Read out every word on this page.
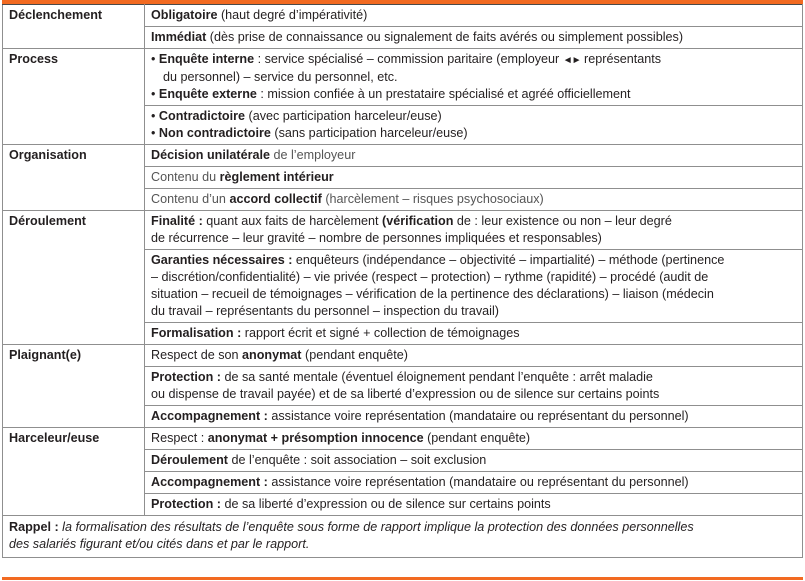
Déclenchement	Obligatoire (haut degré d’impérativité)
	Immédiat (dès prise de connaissance ou signalement de faits avérés ou simplement possibles)
Process	• Enquête interne : service spécialisé – commission paritaire (employeur ◄► représentants
du personnel) – service du personnel, etc.
• Enquête externe : mission confiée à un prestataire spécialisé et agréé officiellement

	• Contradictoire (avec participation harceleur/euse)
• Non contradictoire (sans participation harceleur/euse)

Organisation	Décision unilatérale de l’employeur
	Contenu du règlement intérieur
	Contenu d’un accord collectif (harcèlement – risques psychosociaux)
Déroulement	Finalité : quant aux faits de harcèlement (vérification de : leur existence ou non – leur degré
de récurrence – leur gravité – nombre de personnes impliquées et responsables)

	Garanties nécessaires : enquêteurs (indépendance – objectivité – impartialité) – méthode (pertinence
– discrétion/confidentialité) – vie privée (respect – protection) – rythme (rapidité) – procédé (audit de
situation – recueil de témoignages – vérification de la pertinence des déclarations) – liaison (médecin
du travail – représentants du personnel – inspection du travail)

	Formalisation : rapport écrit et signé + collection de témoignages
Plaignant(e)	Respect de son anonymat (pendant enquête)

	Protection : de sa santé mentale (éventuel éloignement pendant l’enquête : arrêt maladie
ou dispense de travail payée) et de sa liberté d’expression ou de silence sur certains points

	Accompagnement : assistance voire représentation (mandataire ou représentant du personnel)
Harceleur/euse	Respect : anonymat + présomption innocence (pendant enquête)
	Déroulement de l’enquête : soit association – soit exclusion
	Accompagnement : assistance voire représentation (mandataire ou représentant du personnel)
	Protection : de sa liberté d’expression ou de silence sur certains points

Rappel : la formalisation des résultats de l’enquête sous forme de rapport implique la protection des données personnelles
des salariés figurant et/ou cités dans et par le rapport.	
